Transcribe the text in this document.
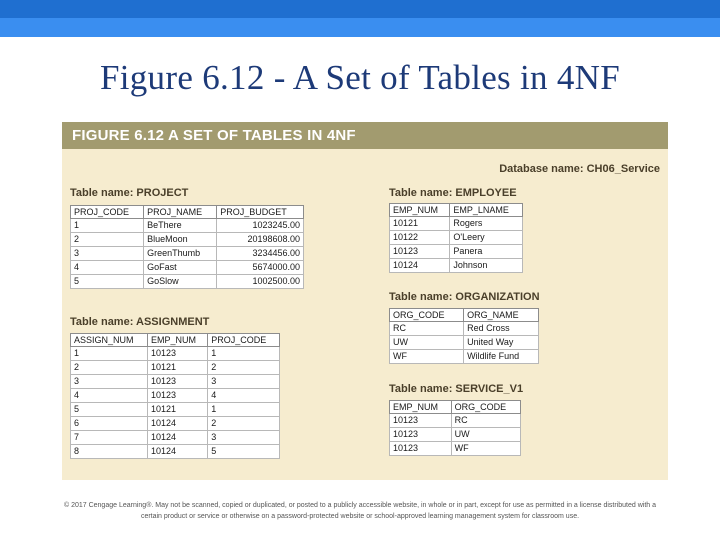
Figure 6.12 - A Set of Tables in 4NF
FIGURE 6.12 A SET OF TABLES IN 4NF
Database name: CH06_Service
Table name: PROJECT
PROJ_CODE	PROJ_NAME	PROJ_BUDGET
1	BeThere	1023245.00
2	BlueMoon	20198608.00
3	GreenThumb	3234456.00
4	GoFast	5674000.00
5	GoSlow	1002500.00
Table name: ASSIGNMENT
ASSIGN_NUM	EMP_NUM	PROJ_CODE
1	10123	1
2	10121	2
3	10123	3
4	10123	4
5	10121	1
6	10124	2
7	10124	3
8	10124	5
Table name: EMPLOYEE
EMP_NUM	EMP_LNAME
10121	Rogers
10122	O'Leery
10123	Panera
10124	Johnson
Table name: ORGANIZATION
ORG_CODE	ORG_NAME
RC	Red Cross
UW	United Way
WF	Wildlife Fund
Table name: SERVICE_V1
EMP_NUM	ORG_CODE
10123	RC
10123	UW
10123	WF
© 2017 Cengage Learning®. May not be scanned, copied or duplicated, or posted to a publicly accessible website, in whole or in part, except for use as permitted in a license distributed with a
certain product or service or otherwise on a password-protected website or school-approved learning management system for classroom use.
